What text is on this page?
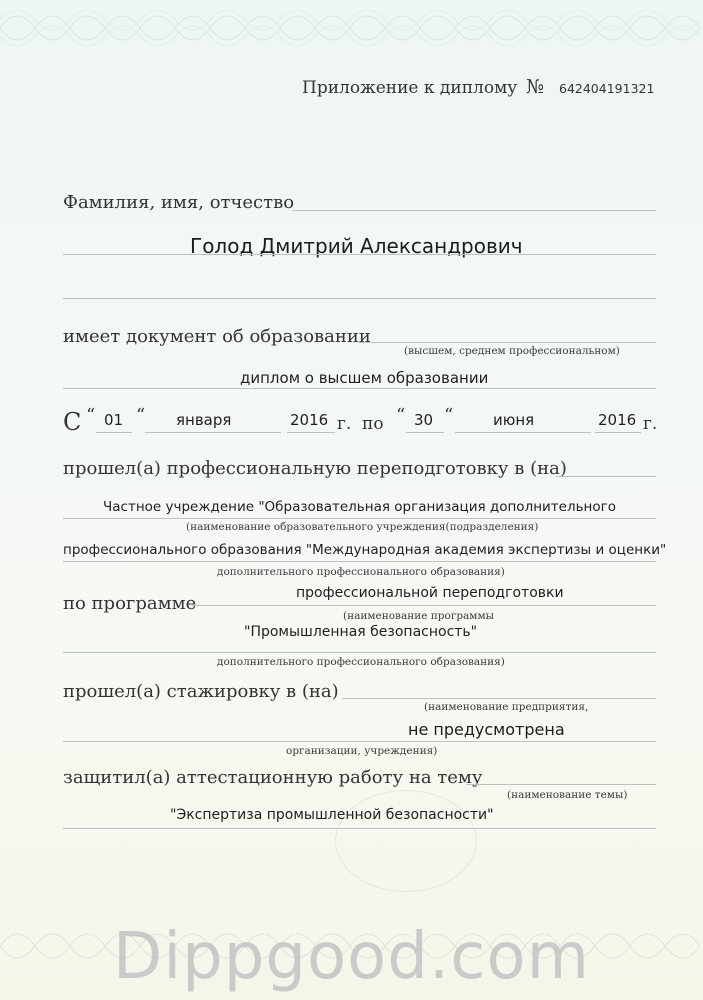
Приложение к диплому № 642404191321
Фамилия, имя, отчество
Голод Дмитрий Александрович
имеет документ об образовании
(высшем, среднем профессиональном)
диплом о высшем образовании
С “ 01 “ января	2016 г. по “ 30 “	июня	2016 г.
прошел(а) профессиональную переподготовку в (на)
Частное учреждение "Образовательная организация дополнительного
(наименование образовательного учреждения(подразделения)
профессионального образования "Международная академия экспертизы и оценки"
дополнительного профессионального образования)
по программе	профессиональной переподготовки
(наименование программы
"Промышленная безопасность"
дополнительного профессионального образования)
прошел(а) стажировку в (на)
(наименование предприятия,
не предусмотрена
организации, учреждения)
защитил(а) аттестационную работу на тему
(наименование темы)
"Экспертиза промышленной безопасности"
Dippgood.com
